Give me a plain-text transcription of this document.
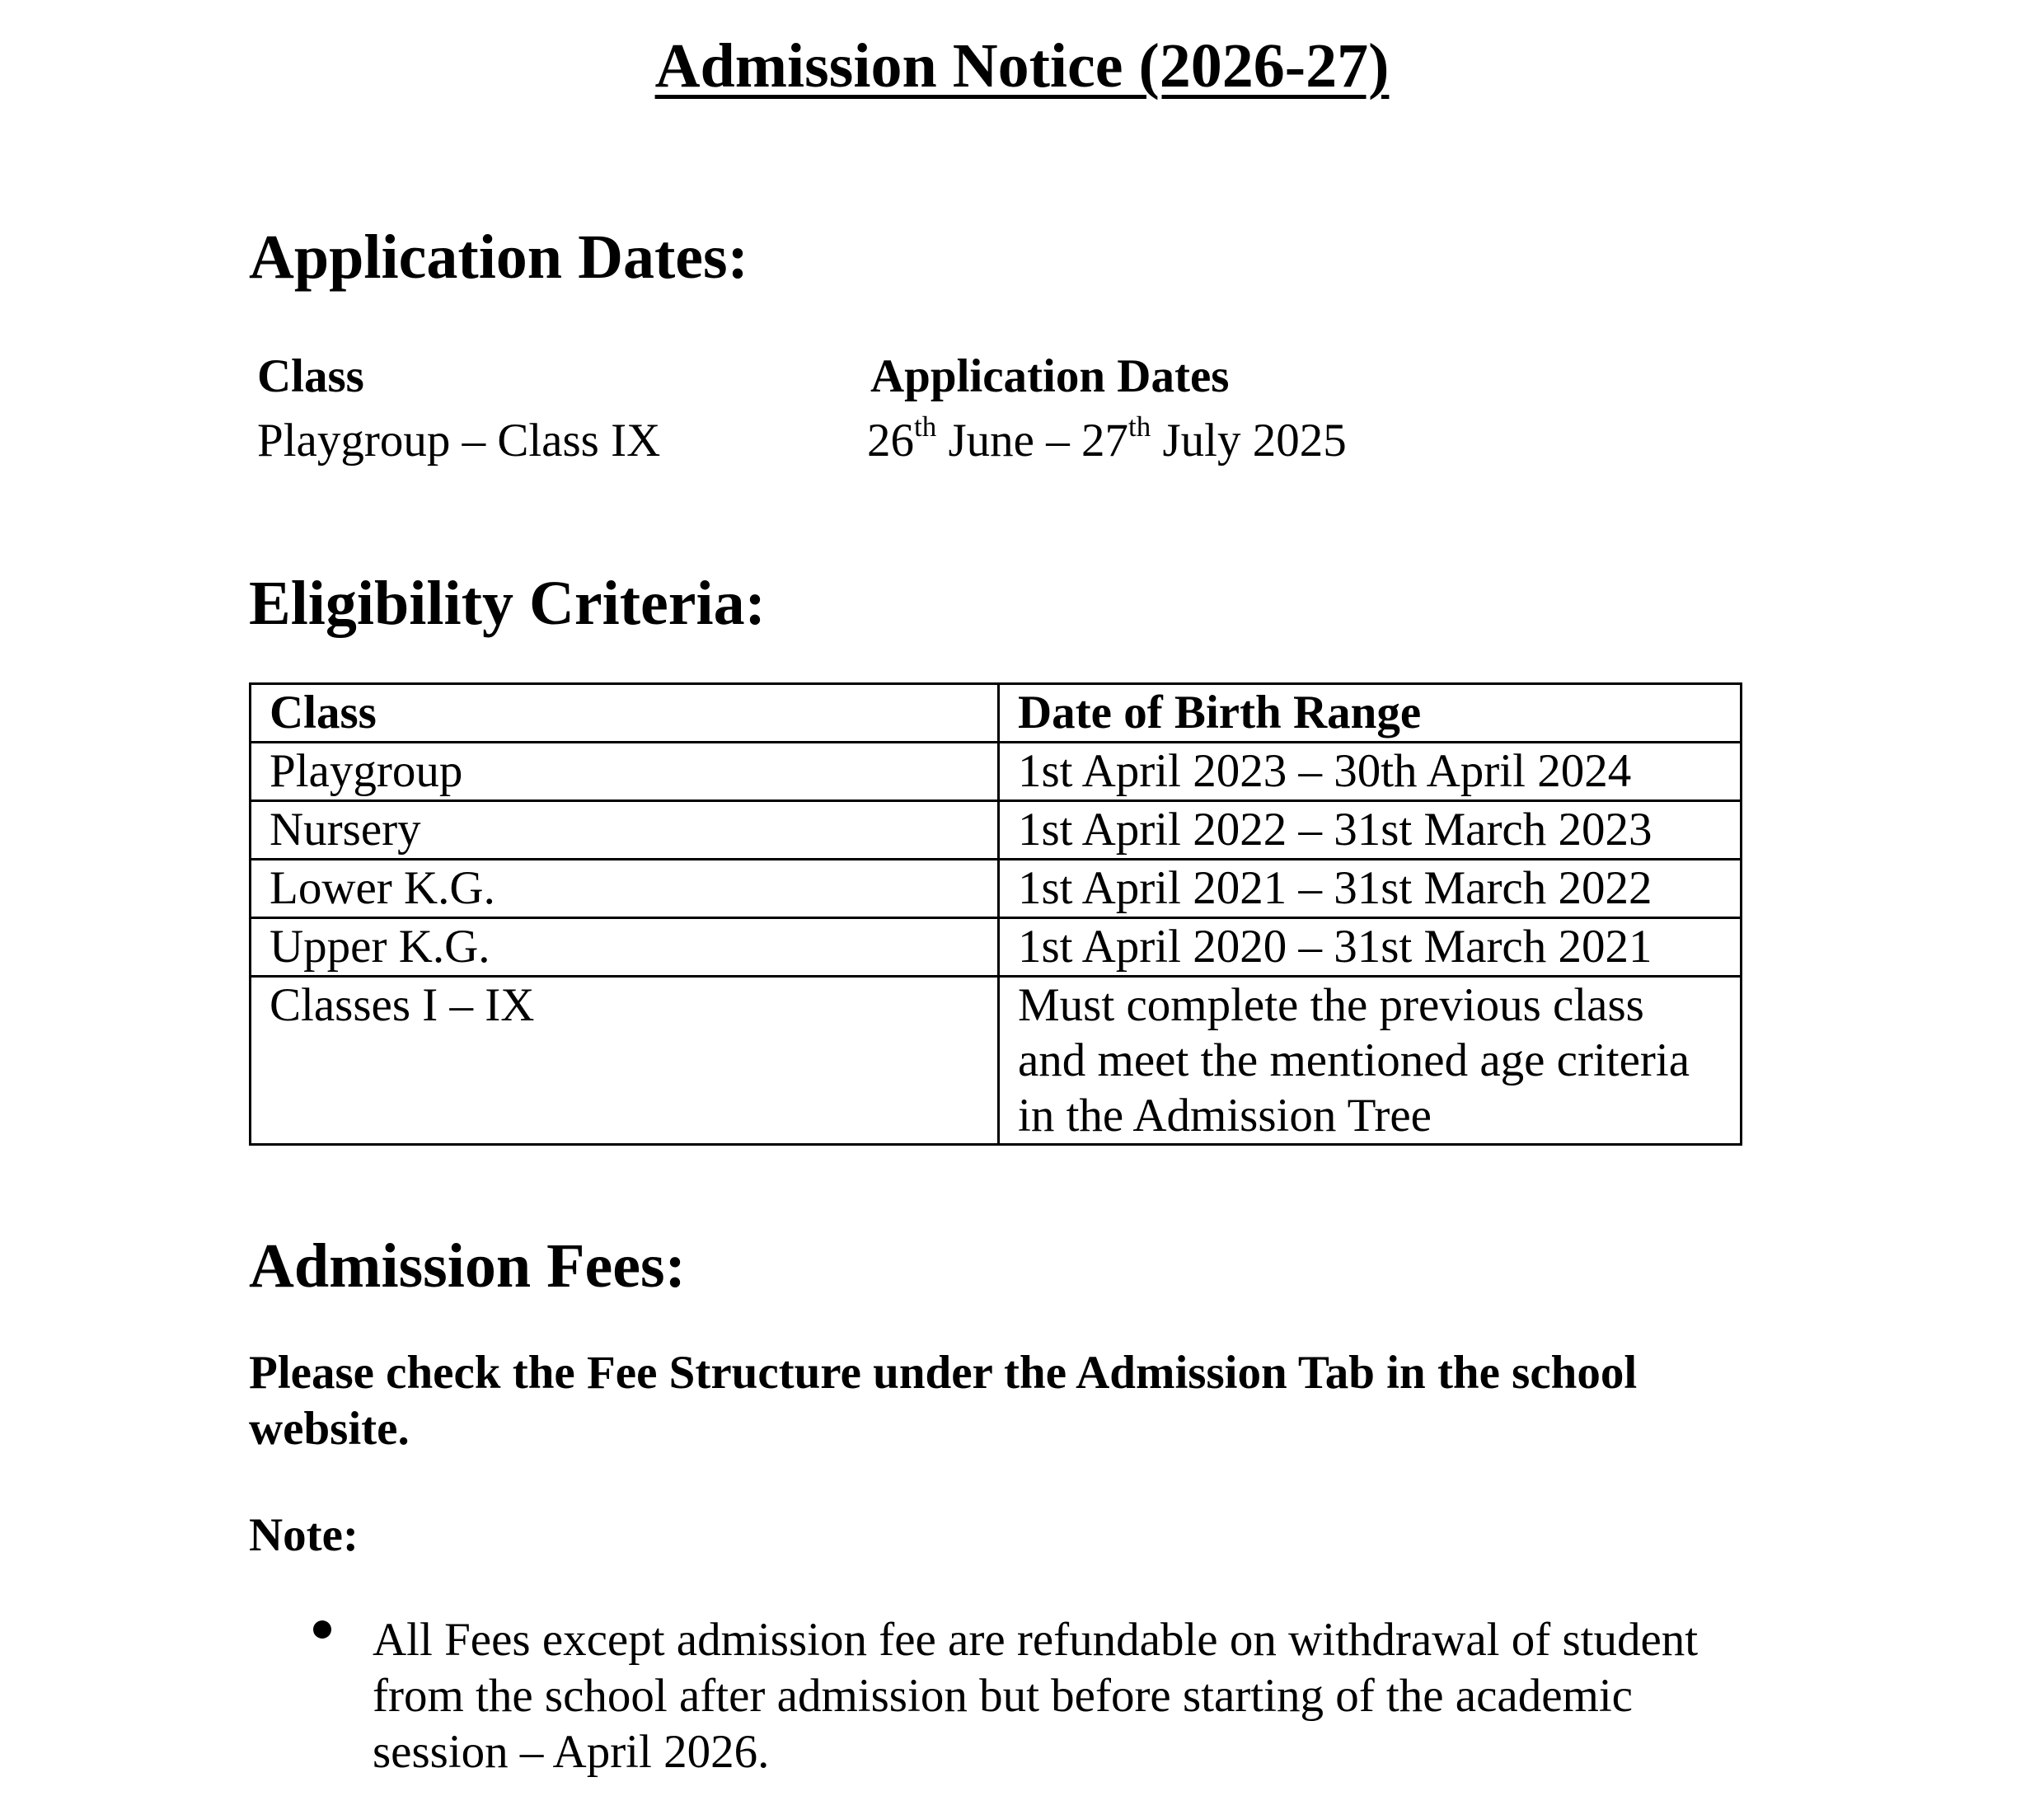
Admission Notice (2026-27)
Application Dates:
Class	Application Dates
Playgroup – Class IX	26th June – 27th July 2025
Eligibility Criteria:
Class	Date of Birth Range
Playgroup	1st April 2023 – 30th April 2024
Nursery	1st April 2022 – 31st March 2023
Lower K.G.	1st April 2021 – 31st March 2022
Upper K.G.	1st April 2020 – 31st March 2021
Classes I – IX	Must complete the previous class and meet the mentioned age criteria in the Admission Tree
Admission Fees:
Please check the Fee Structure under the Admission Tab in the school website.
Note:
All Fees except admission fee are refundable on withdrawal of student from the school after admission but before starting of the academic session – April 2026.
